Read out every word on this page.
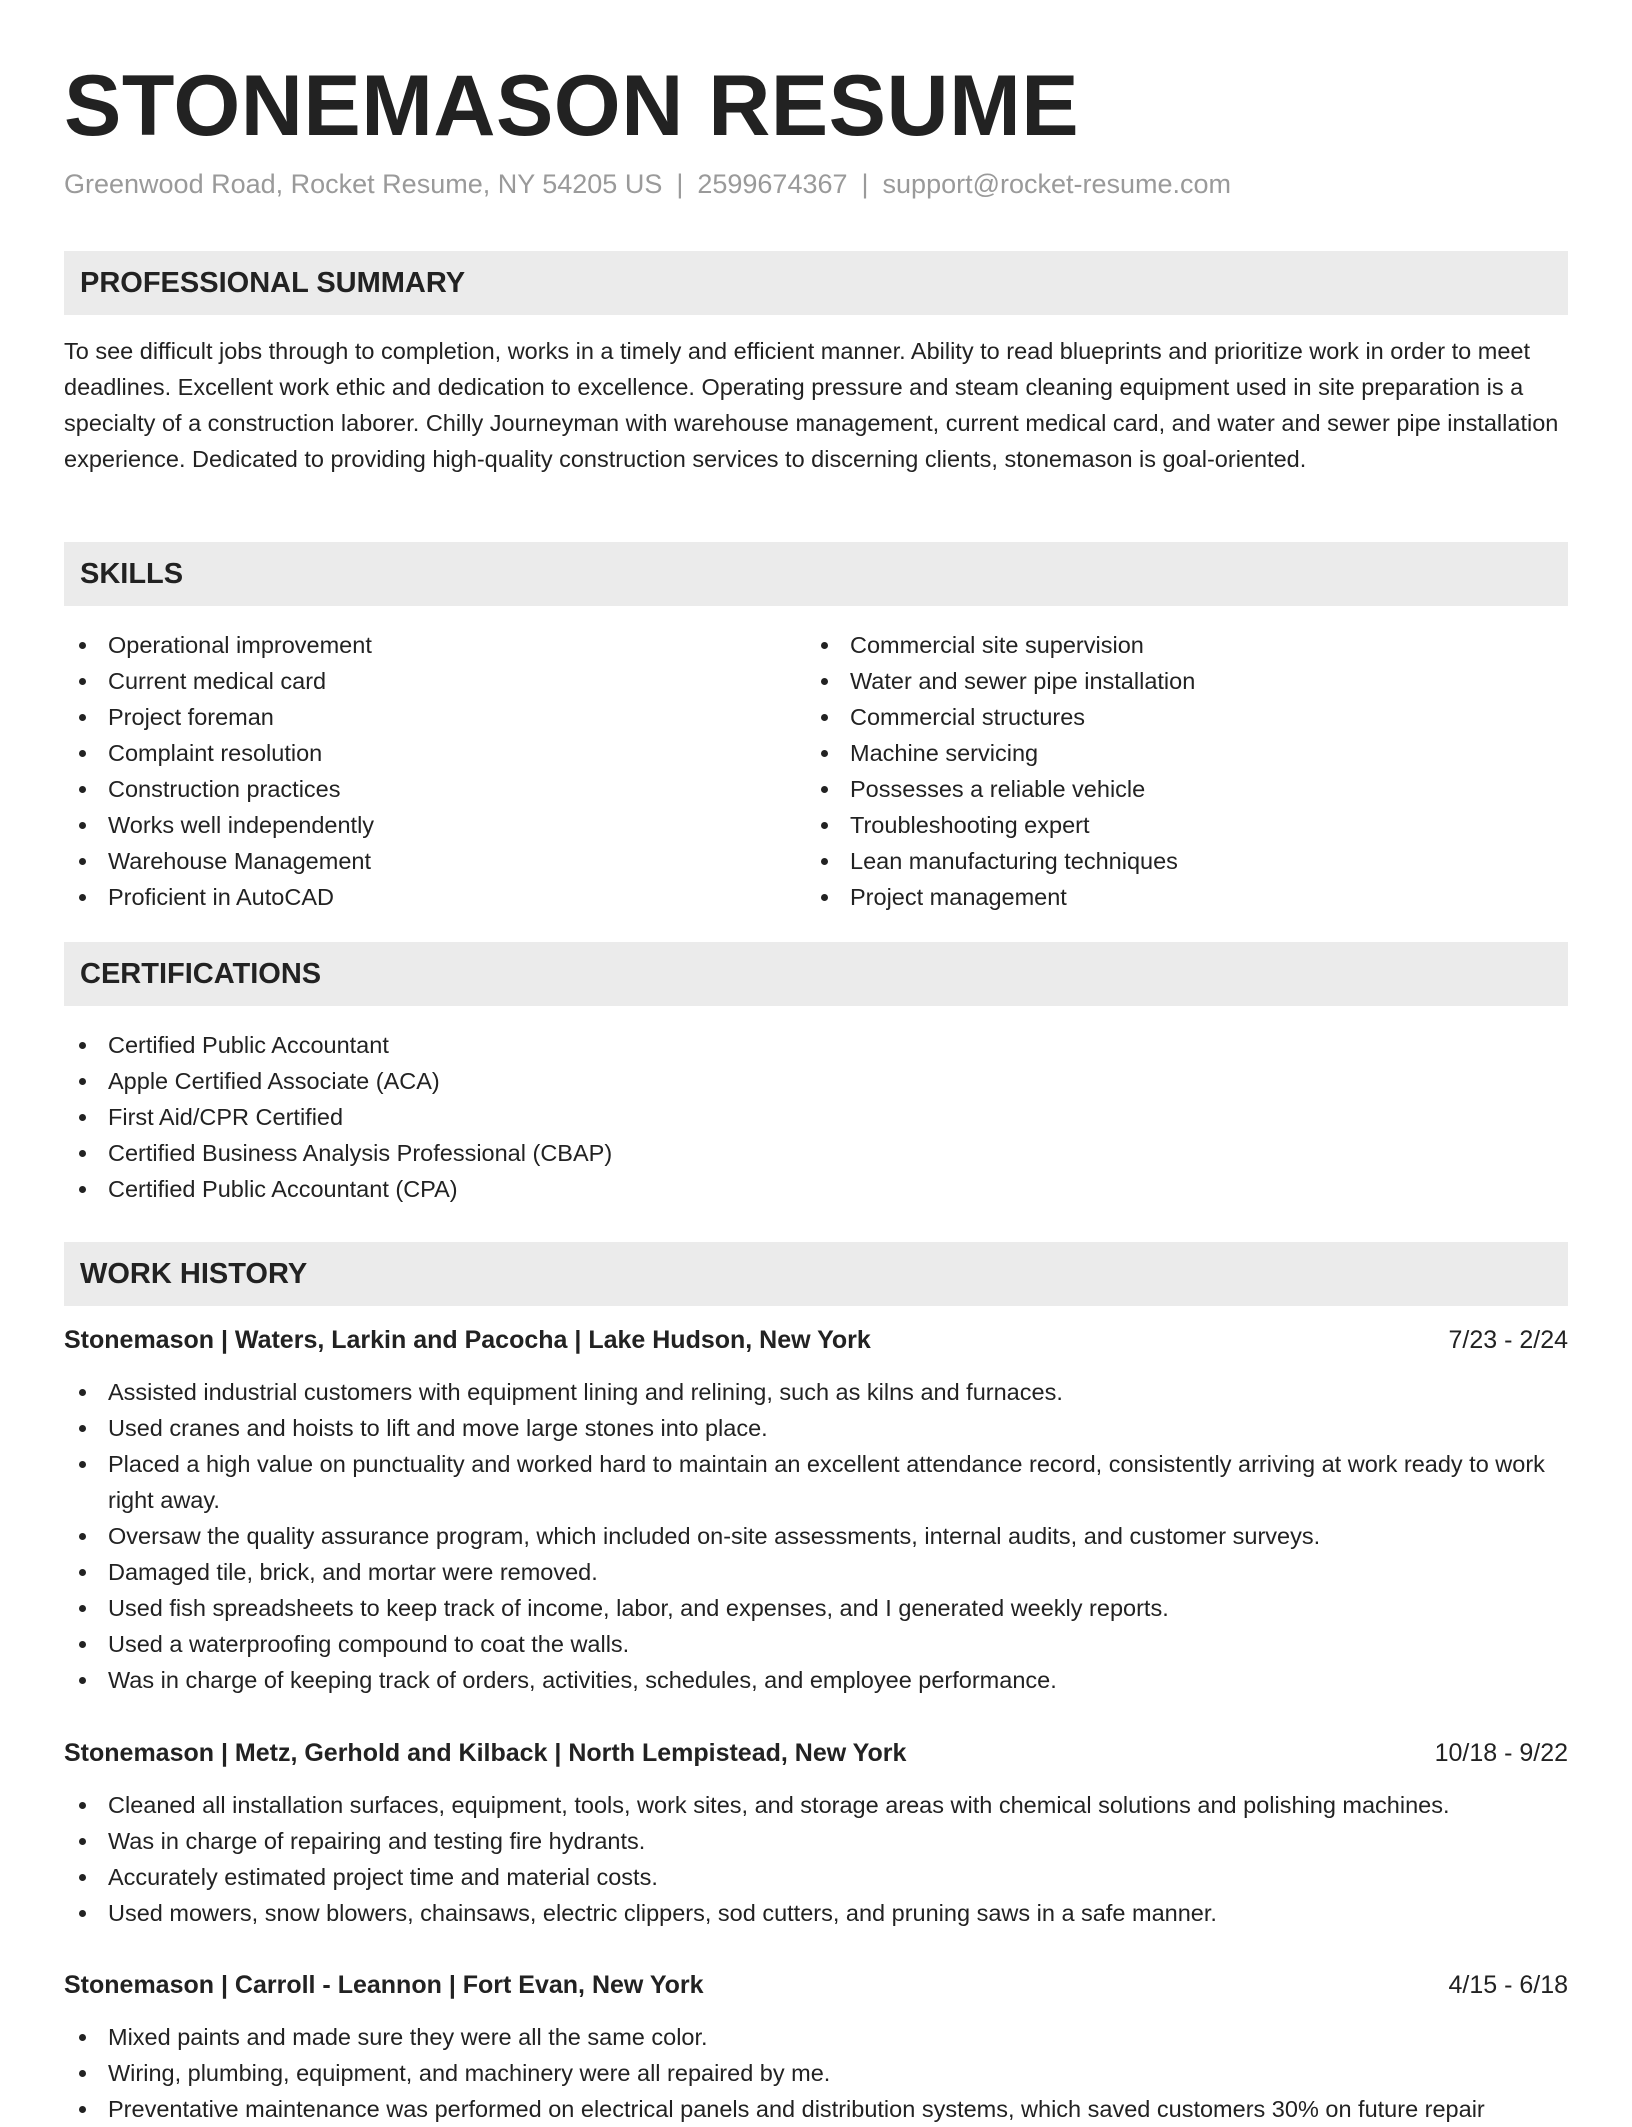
STONEMASON RESUME
Greenwood Road, Rocket Resume, NY 54205 US | 2599674367 | support@rocket-resume.com
PROFESSIONAL SUMMARY

To see difficult jobs through to completion, works in a timely and efficient manner. Ability to read blueprints and prioritize work in order to meet deadlines. Excellent work ethic and dedication to excellence. Operating pressure and steam cleaning equipment used in site preparation is a specialty of a construction laborer. Chilly Journeyman with warehouse management, current medical card, and water and sewer pipe installation experience. Dedicated to providing high-quality construction services to discerning clients, stonemason is goal-oriented.

SKILLS
Operational improvement
Current medical card
Project foreman
Complaint resolution
Construction practices
Works well independently
Warehouse Management
Proficient in AutoCAD
Commercial site supervision
Water and sewer pipe installation
Commercial structures
Machine servicing
Possesses a reliable vehicle
Troubleshooting expert
Lean manufacturing techniques
Project management
CERTIFICATIONS
Certified Public Accountant
Apple Certified Associate (ACA)
First Aid/CPR Certified
Certified Business Analysis Professional (CBAP)
Certified Public Accountant (CPA)
WORK HISTORY
Stonemason | Waters, Larkin and Pacocha | Lake Hudson, New York	7/23 - 2/24
Assisted industrial customers with equipment lining and relining, such as kilns and furnaces.
Used cranes and hoists to lift and move large stones into place.
Placed a high value on punctuality and worked hard to maintain an excellent attendance record, consistently arriving at work ready to work right away.
Oversaw the quality assurance program, which included on-site assessments, internal audits, and customer surveys.
Damaged tile, brick, and mortar were removed.
Used fish spreadsheets to keep track of income, labor, and expenses, and I generated weekly reports.
Used a waterproofing compound to coat the walls.
Was in charge of keeping track of orders, activities, schedules, and employee performance.
Stonemason | Metz, Gerhold and Kilback | North Lempistead, New York	10/18 - 9/22
Cleaned all installation surfaces, equipment, tools, work sites, and storage areas with chemical solutions and polishing machines.
Was in charge of repairing and testing fire hydrants.
Accurately estimated project time and material costs.
Used mowers, snow blowers, chainsaws, electric clippers, sod cutters, and pruning saws in a safe manner.
Stonemason | Carroll - Leannon | Fort Evan, New York	4/15 - 6/18
Mixed paints and made sure they were all the same color.
Wiring, plumbing, equipment, and machinery were all repaired by me.
Preventative maintenance was performed on electrical panels and distribution systems, which saved customers 30% on future repair
